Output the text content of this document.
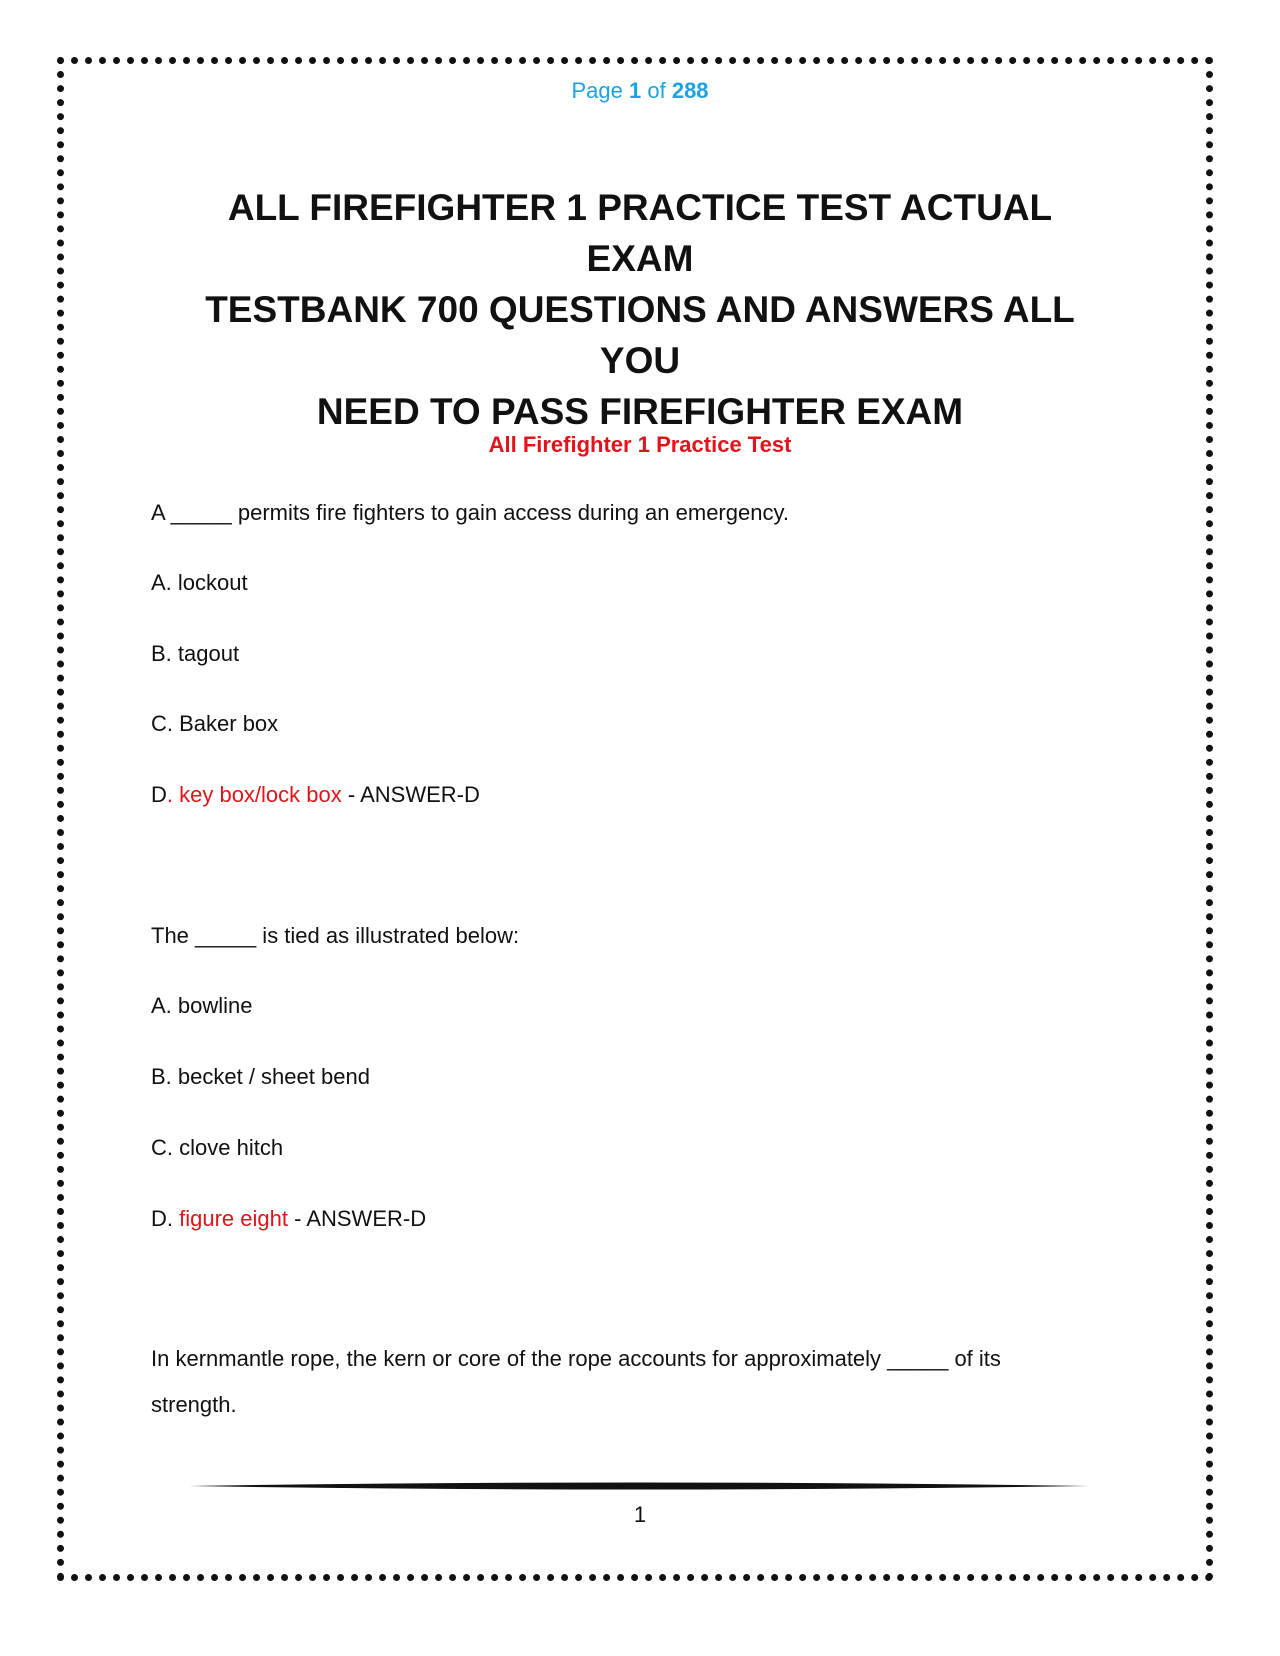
Page 1 of 288
ALL FIREFIGHTER 1 PRACTICE TEST ACTUAL EXAM
TESTBANK 700 QUESTIONS AND ANSWERS ALL YOU
NEED TO PASS FIREFIGHTER EXAM
All Firefighter 1 Practice Test
A _____ permits fire fighters to gain access during an emergency.
A. lockout
B. tagout
C. Baker box
D. key box/lock box - ANSWER-D
The _____ is tied as illustrated below:
A. bowline
B. becket / sheet bend
C. clove hitch
D. figure eight - ANSWER-D
In kernmantle rope, the kern or core of the rope accounts for approximately _____ of its
strength.
1
